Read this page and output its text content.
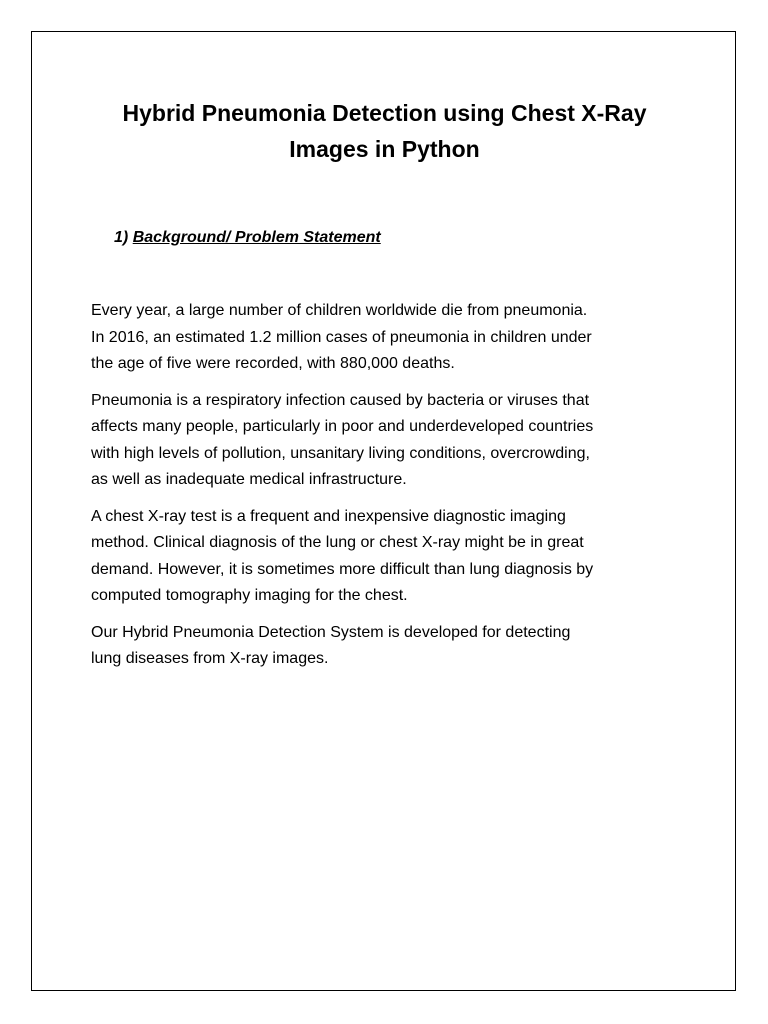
Hybrid Pneumonia Detection using Chest X-Ray
Images in Python
1) Background/ Problem Statement

Every year, a large number of children worldwide die from pneumonia.
In 2016, an estimated 1.2 million cases of pneumonia in children under
the age of five were recorded, with 880,000 deaths.

Pneumonia is a respiratory infection caused by bacteria or viruses that
affects many people, particularly in poor and underdeveloped countries
with high levels of pollution, unsanitary living conditions, overcrowding,
as well as inadequate medical infrastructure.

A chest X-ray test is a frequent and inexpensive diagnostic imaging
method. Clinical diagnosis of the lung or chest X-ray might be in great
demand. However, it is sometimes more difficult than lung diagnosis by
computed tomography imaging for the chest.

Our Hybrid Pneumonia Detection System is developed for detecting
lung diseases from X-ray images.
